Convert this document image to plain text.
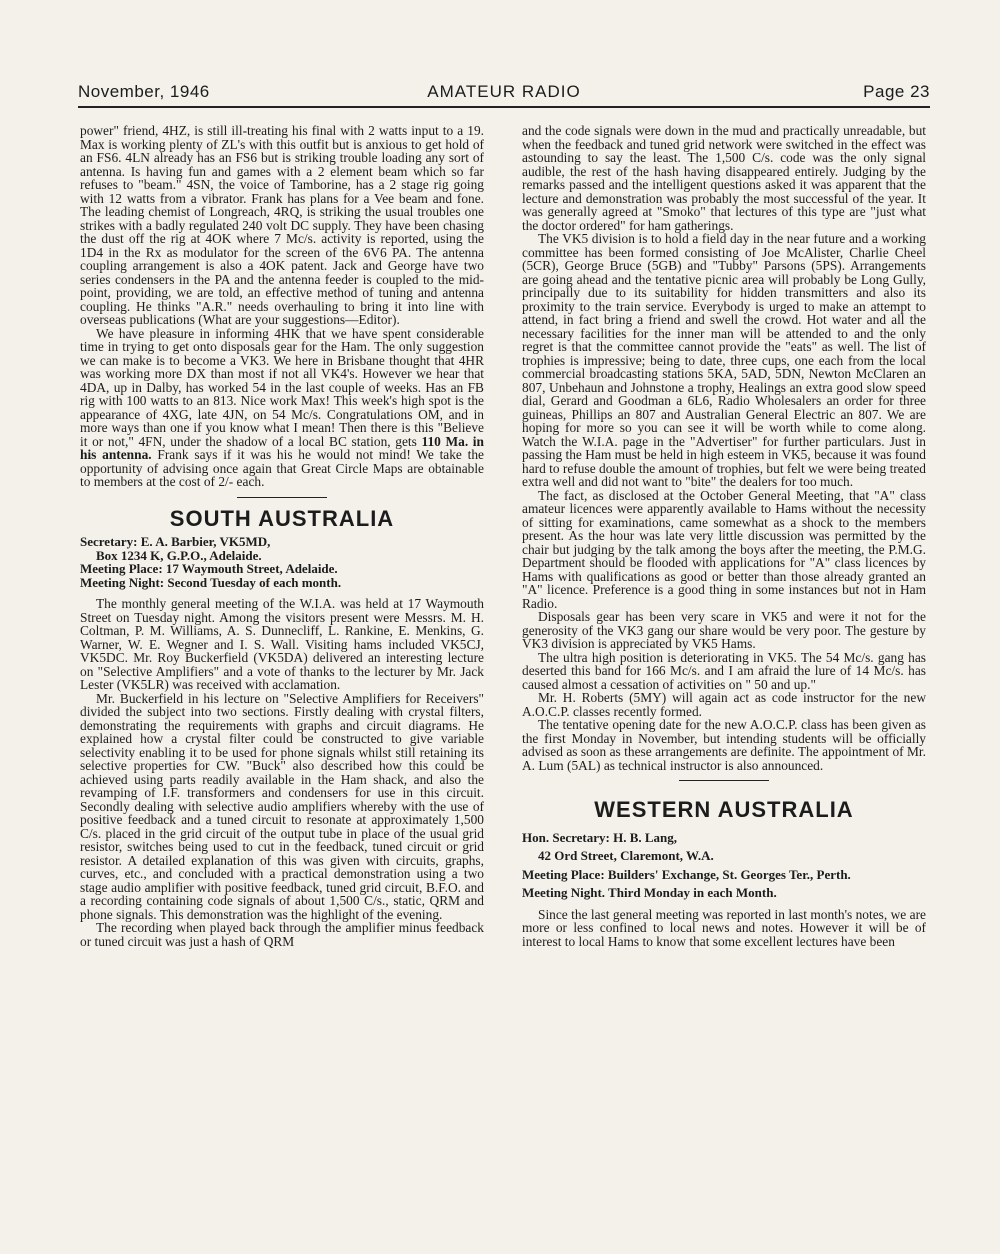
November, 1946	AMATEUR RADIO	Page 23

power" friend, 4HZ, is still ill-treating his final with 2 watts input to a 19. Max is working plenty of ZL's with this outfit but is anxious to get hold of an FS6. 4LN already has an FS6 but is striking trouble loading any sort of antenna. Is having fun and games with a 2 element beam which so far refuses to "beam." 4SN, the voice of Tamborine, has a 2 stage rig going with 12 watts from a vibrator. Frank has plans for a Vee beam and fone. The leading chemist of Longreach, 4RQ, is striking the usual troubles one strikes with a badly regulated 240 volt DC supply. They have been chasing the dust off the rig at 4OK where 7 Mc/s. activity is reported, using the 1D4 in the Rx as modulator for the screen of the 6V6 PA. The antenna coupling arrangement is also a 4OK patent. Jack and George have two series condensers in the PA and the antenna feeder is coupled to the mid-point, providing, we are told, an effective method of tuning and antenna coupling. He thinks "A.R." needs overhauling to bring it into line with overseas publications (What are your suggestions—Editor).

We have pleasure in informing 4HK that we have spent considerable time in trying to get onto disposals gear for the Ham. The only suggestion we can make is to become a VK3. We here in Brisbane thought that 4HR was working more DX than most if not all VK4's. However we hear that 4DA, up in Dalby, has worked 54 in the last couple of weeks. Has an FB rig with 100 watts to an 813. Nice work Max! This week's high spot is the appearance of 4XG, late 4JN, on 54 Mc/s. Congratulations OM, and in more ways than one if you know what I mean! Then there is this "Believe it or not," 4FN, under the shadow of a local BC station, gets 110 Ma. in his antenna. Frank says if it was his he would not mind! We take the opportunity of advising once again that Great Circle Maps are obtainable to members at the cost of 2/- each.

SOUTH AUSTRALIA
Secretary: E. A. Barbier, VK5MD,
Box 1234 K, G.P.O., Adelaide.
Meeting Place: 17 Waymouth Street, Adelaide.
Meeting Night: Second Tuesday of each month.

The monthly general meeting of the W.I.A. was held at 17 Waymouth Street on Tuesday night. Among the visitors present were Messrs. M. H. Coltman, P. M. Williams, A. S. Dunnecliff, L. Rankine, E. Menkins, G. Warner, W. E. Wegner and I. S. Wall. Visiting hams included VK5CJ, VK5DC. Mr. Roy Buckerfield (VK5DA) delivered an interesting lecture on "Selective Amplifiers" and a vote of thanks to the lecturer by Mr. Jack Lester (VK5LR) was received with acclamation.

Mr. Buckerfield in his lecture on "Selective Amplifiers for Receivers" divided the subject into two sections. Firstly dealing with crystal filters, demonstrating the requirements with graphs and circuit diagrams. He explained how a crystal filter could be constructed to give variable selectivity enabling it to be used for phone signals whilst still retaining its selective properties for CW. "Buck" also described how this could be achieved using parts readily available in the Ham shack, and also the revamping of I.F. transformers and condensers for use in this circuit. Secondly dealing with selective audio amplifiers whereby with the use of positive feedback and a tuned circuit to resonate at approximately 1,500 C/s. placed in the grid circuit of the output tube in place of the usual grid resistor, switches being used to cut in the feedback, tuned circuit or grid resistor. A detailed explanation of this was given with circuits, graphs, curves, etc., and concluded with a practical demonstration using a two stage audio amplifier with positive feedback, tuned grid circuit, B.F.O. and a recording containing code signals of about 1,500 C/s., static, QRM and phone signals. This demonstration was the highlight of the evening.

The recording when played back through the amplifier minus feedback or tuned circuit was just a hash of QRM

and the code signals were down in the mud and practically unreadable, but when the feedback and tuned grid network were switched in the effect was astounding to say the least. The 1,500 C/s. code was the only signal audible, the rest of the hash having disappeared entirely. Judging by the remarks passed and the intelligent questions asked it was apparent that the lecture and demonstration was probably the most successful of the year. It was generally agreed at "Smoko" that lectures of this type are "just what the doctor ordered" for ham gatherings.

The VK5 division is to hold a field day in the near future and a working committee has been formed consisting of Joe McAlister, Charlie Cheel (5CR), George Bruce (5GB) and "Tubby" Parsons (5PS). Arrangements are going ahead and the tentative picnic area will probably be Long Gully, principally due to its suitability for hidden transmitters and also its proximity to the train service. Everybody is urged to make an attempt to attend, in fact bring a friend and swell the crowd. Hot water and all the necessary facilities for the inner man will be attended to and the only regret is that the committee cannot provide the "eats" as well. The list of trophies is impressive; being to date, three cups, one each from the local commercial broadcasting stations 5KA, 5AD, 5DN, Newton McClaren an 807, Unbehaun and Johnstone a trophy, Healings an extra good slow speed dial, Gerard and Goodman a 6L6, Radio Wholesalers an order for three guineas, Phillips an 807 and Australian General Electric an 807. We are hoping for more so you can see it will be worth while to come along. Watch the W.I.A. page in the "Advertiser" for further particulars. Just in passing the Ham must be held in high esteem in VK5, because it was found hard to refuse double the amount of trophies, but felt we were being treated extra well and did not want to "bite" the dealers for too much.

The fact, as disclosed at the October General Meeting, that "A" class amateur licences were apparently available to Hams without the necessity of sitting for examinations, came somewhat as a shock to the members present. As the hour was late very little discussion was permitted by the chair but judging by the talk among the boys after the meeting, the P.M.G. Department should be flooded with applications for "A" class licences by Hams with qualifications as good or better than those already granted an "A" licence. Preference is a good thing in some instances but not in Ham Radio.

Disposals gear has been very scare in VK5 and were it not for the generosity of the VK3 gang our share would be very poor. The gesture by VK3 division is appreciated by VK5 Hams.

The ultra high position is deteriorating in VK5. The 54 Mc/s. gang has deserted this band for 166 Mc/s. and I am afraid the lure of 14 Mc/s. has caused almost a cessation of activities on " 50 and up."

Mr. H. Roberts (5MY) will again act as code instructor for the new A.O.C.P. classes recently formed.

The tentative opening date for the new A.O.C.P. class has been given as the first Monday in November, but intending students will be officially advised as soon as these arrangements are definite. The appointment of Mr. A. Lum (5AL) as technical instructor is also announced.

WESTERN AUSTRALIA
Hon. Secretary: H. B. Lang,
42 Ord Street, Claremont, W.A.
Meeting Place: Builders' Exchange, St. Georges Ter., Perth.
Meeting Night. Third Monday in each Month.

Since the last general meeting was reported in last month's notes, we are more or less confined to local news and notes. However it will be of interest to local Hams to know that some excellent lectures have been
